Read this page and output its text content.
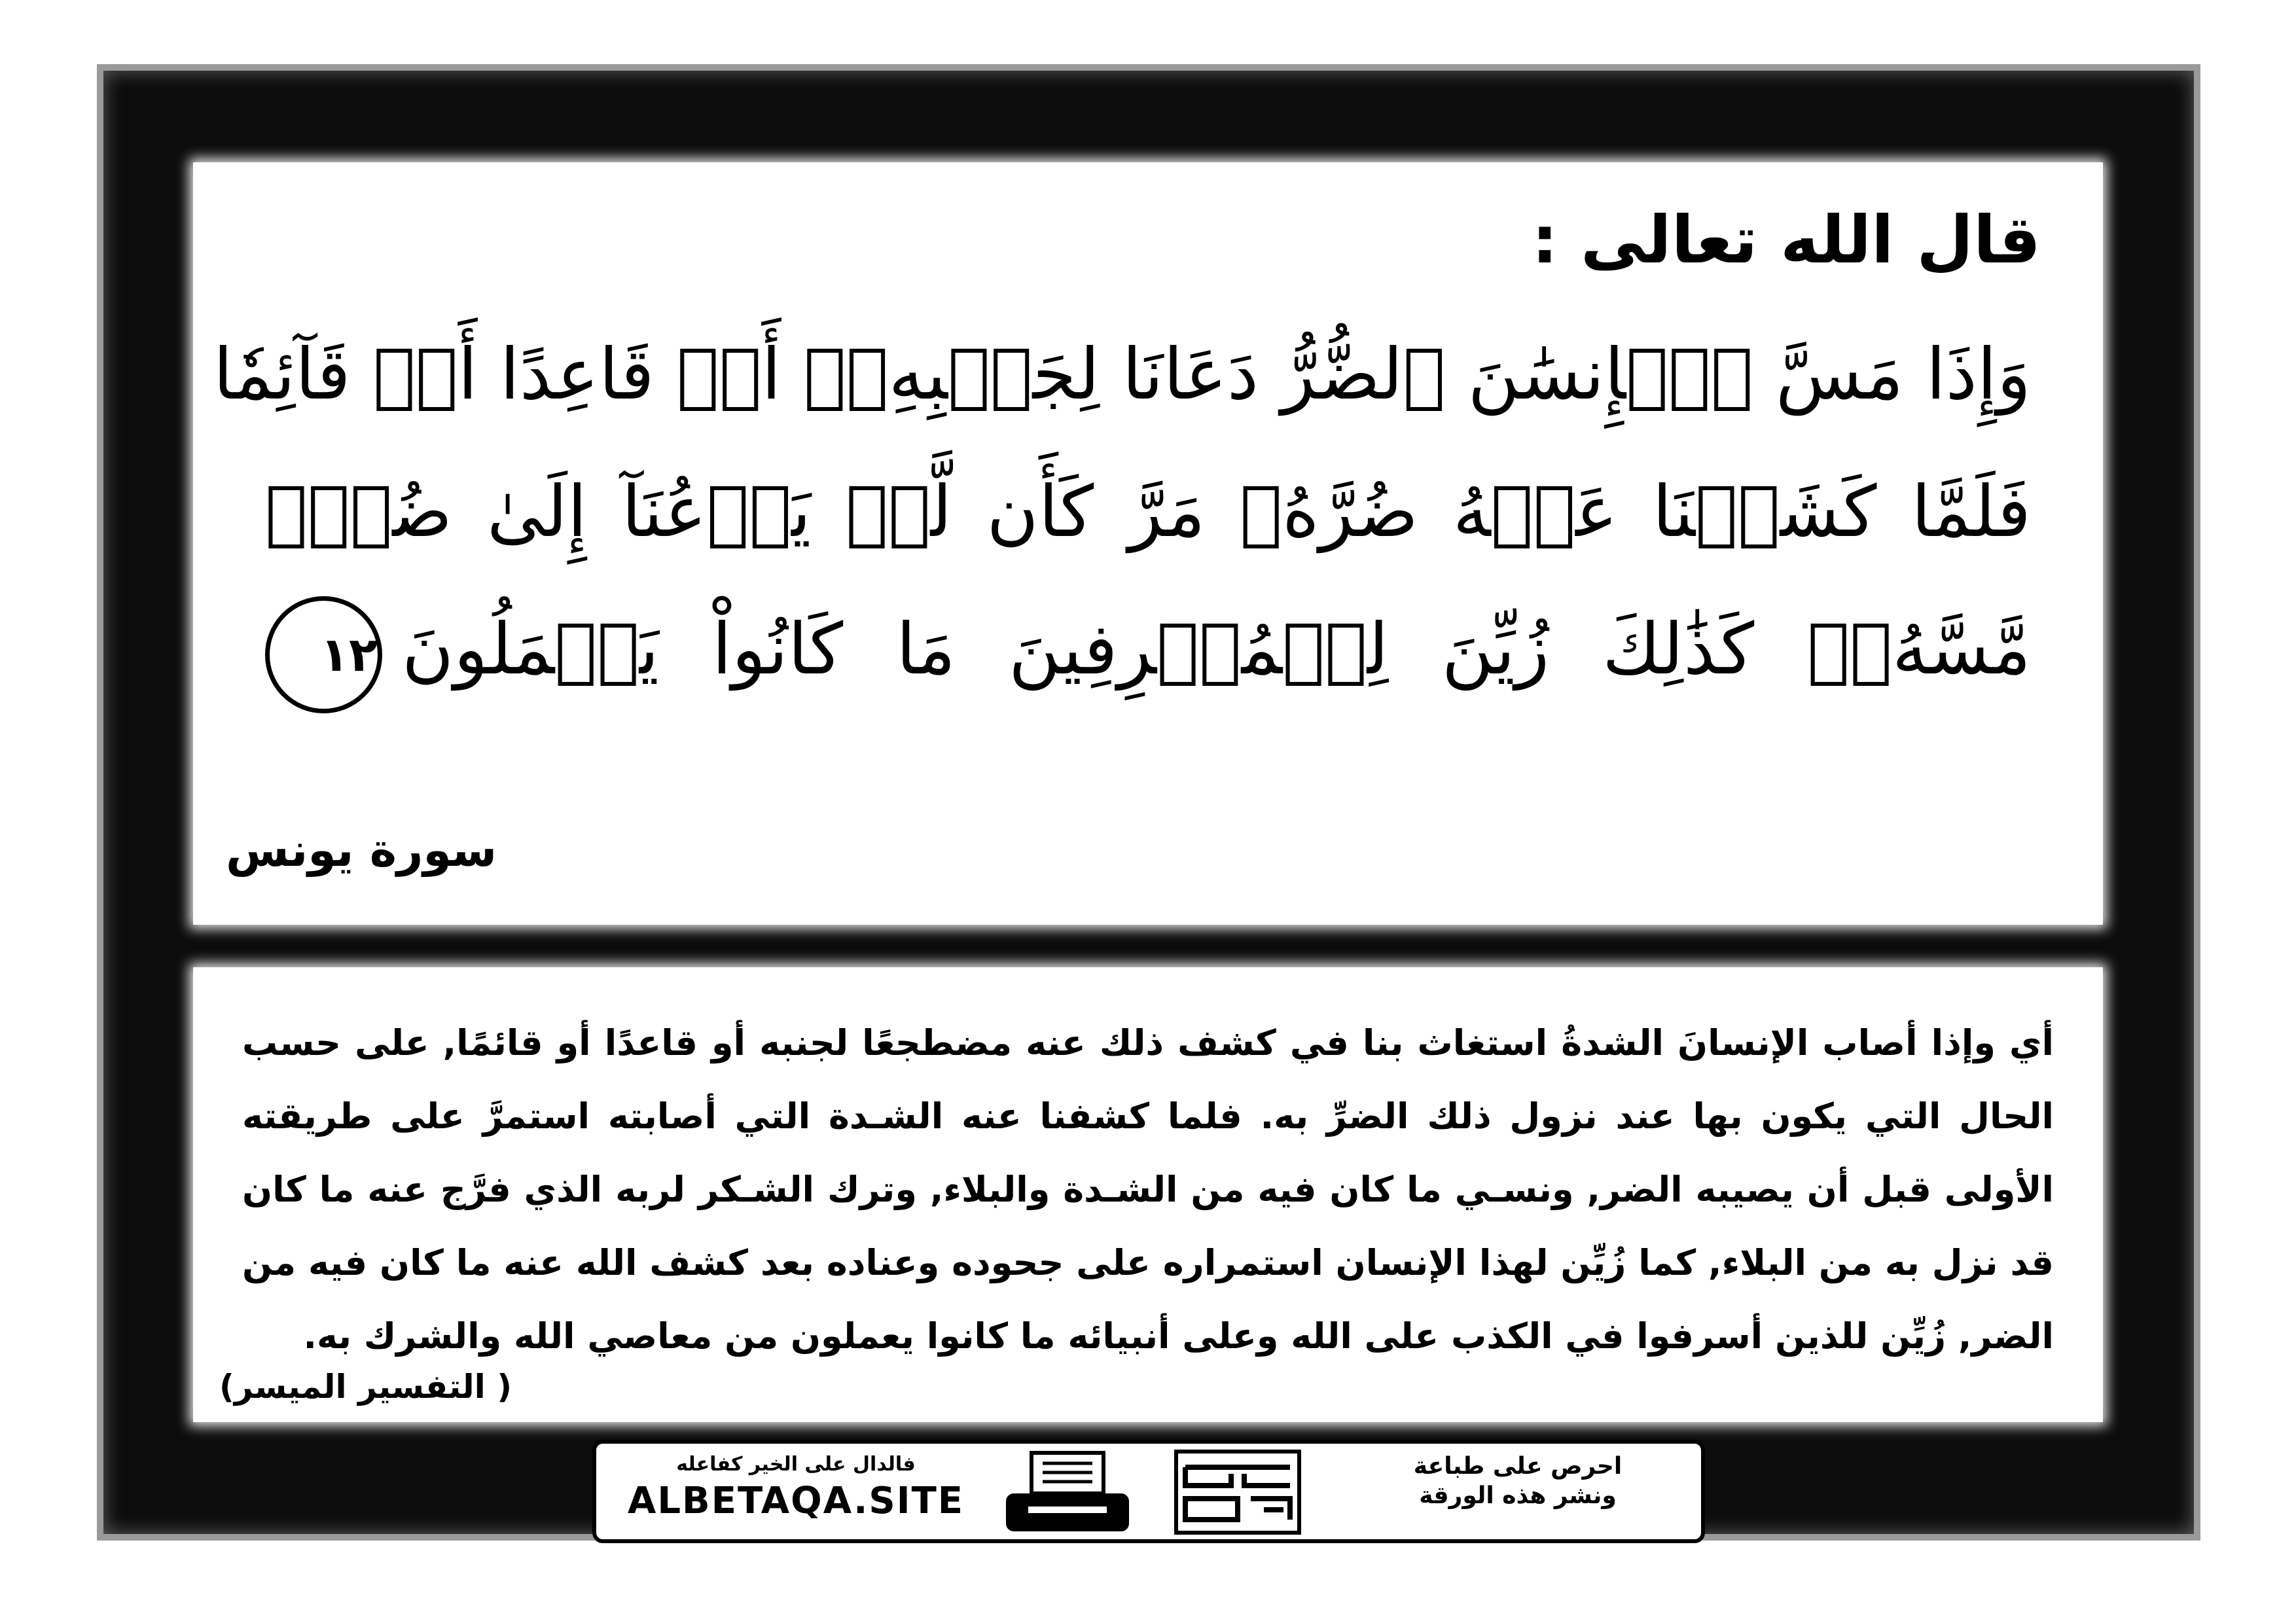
قال الله تعالى :
وَإِذَا مَسَّ ٱلۡإِنسَٰنَ ٱلضُّرُّ دَعَانَا لِجَنۢبِهِۦٓ أَوۡ قَاعِدًا أَوۡ قَآئِمٗا
فَلَمَّا كَشَفۡنَا عَنۡهُ ضُرَّهُۥ مَرَّ كَأَن لَّمۡ يَدۡعُنَآ إِلَىٰ ضُرّٖ
مَّسَّهُۥۚ كَذَٰلِكَ زُيِّنَ لِلۡمُسۡرِفِينَ مَا كَانُواْ يَعۡمَلُونَ١٢
سورة يونس
أي وإذا أصاب الإنسانَ الشدةُ استغاث بنا في كشف ذلك عنه مضطجعًا لجنبه أو قاعدًا أو قائمًا, على حسب الحال التي يكون بها عند نزول ذلك الضرِّ به. فلما كشفنا عنه الشـدة التي أصابته استمرَّ على طريقته الأولى قبل أن يصيبه الضر, ونسـي ما كان فيه من الشـدة والبلاء, وترك الشـكر لربه الذي فرَّج عنه ما كان قد نزل به من البلاء, كما زُيِّن لهذا الإنسان استمراره على جحوده وعناده بعد كشف الله عنه ما كان فيه من الضر, زُيِّن للذين أسرفوا في الكذب على الله وعلى أنبيائه ما كانوا يعملون من معاصي الله والشرك به.
( التفسير الميسر)
فالدال على الخير كفاعله
ALBETAQA.SITE
احرص على طباعة
ونشر هذه الورقة
